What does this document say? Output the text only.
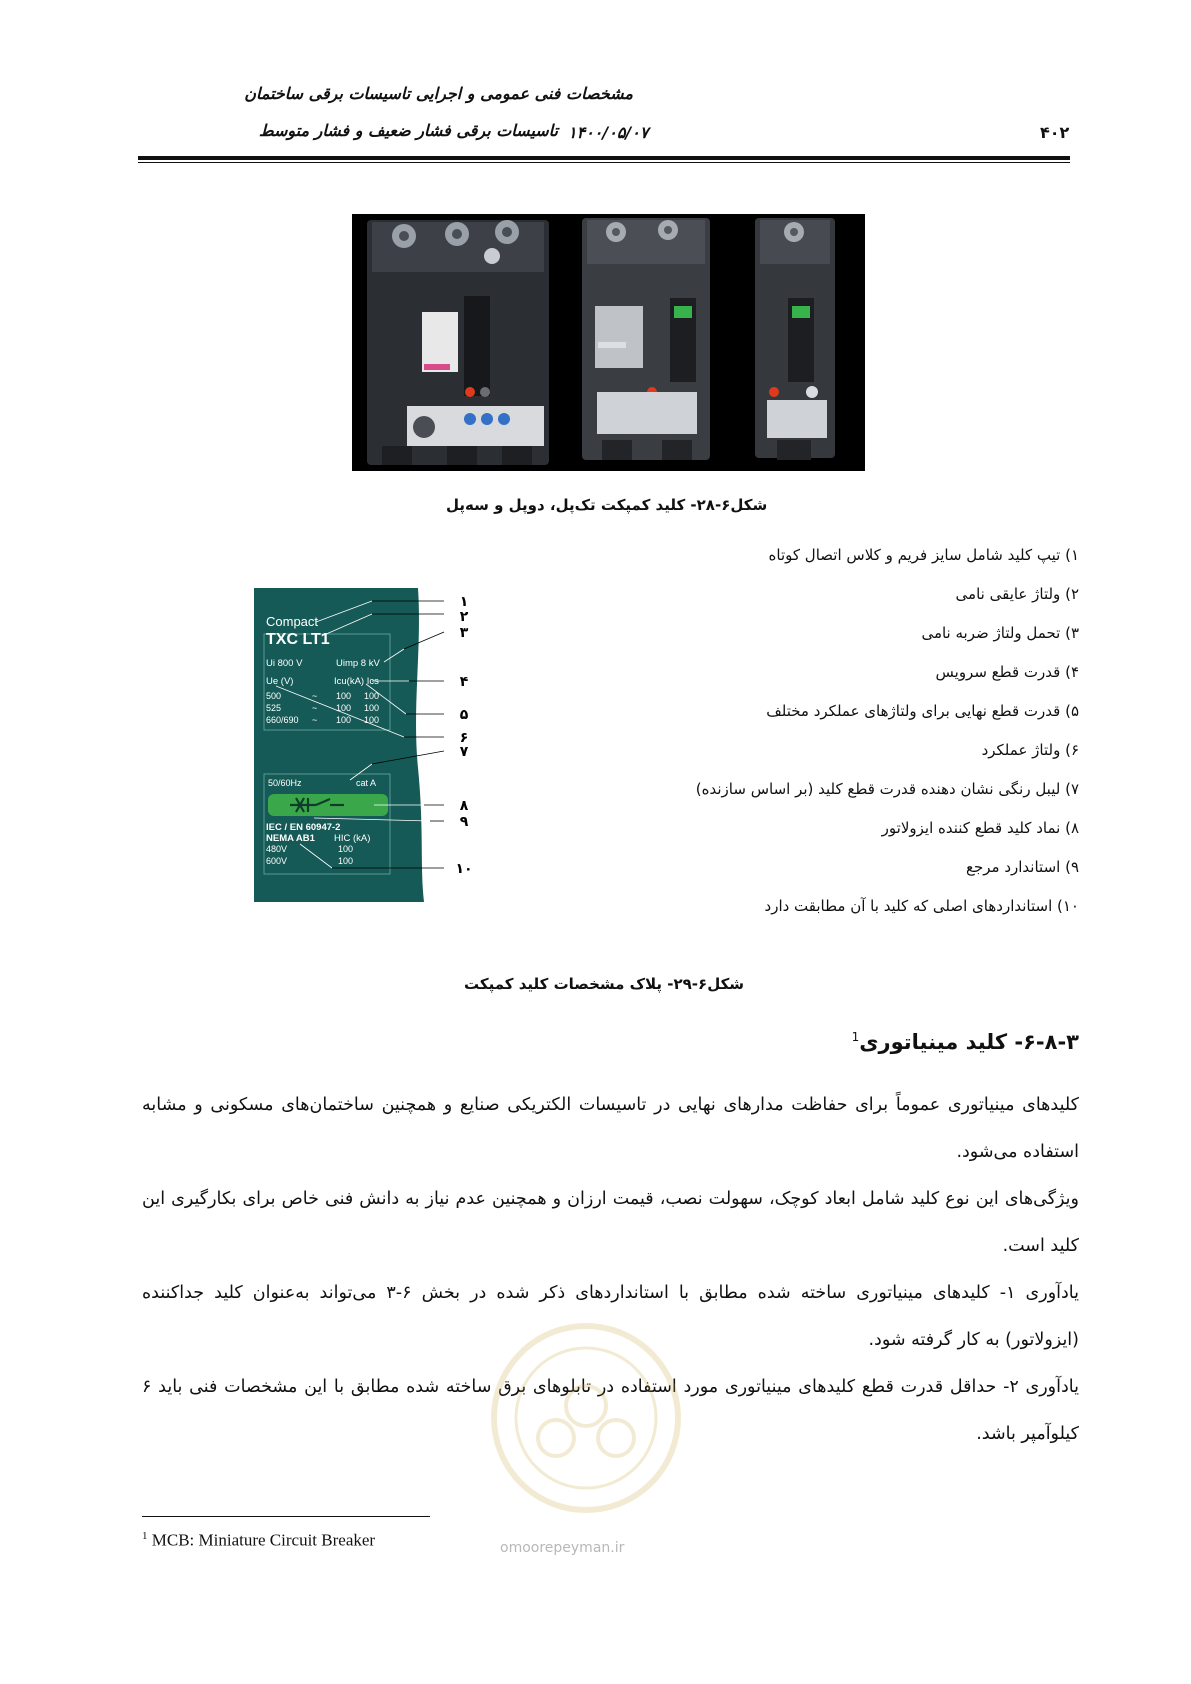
مشخصات فنی عمومی و اجرایی تاسیسات برقی ساختمان
تاسیسات برقی فشار ضعیف و فشار متوسط ۱۴۰۰/۰۵/۰۷	۴۰۲
شکل۶-۲۸- کلید کمپکت تک‌پل، دوپل و سه‌پل
Compact
TXC LT1
Ui 800 V	Uimp 8 kV
Ue (V)	Icu(kA) Ics
500	~ 100 100
525	~ 100 100
660/690 ~ 100 100
50/60Hz	cat A
IEC / EN 60947-2
NEMA AB1 HIC (kA)
480V	100
600V	100
۱
۲
۳
۴
۵
۶
۷
۸
۹
۱۰
۱) تیپ کلید شامل سایز فریم و کلاس اتصال کوتاه
۲) ولتاژ عایقی نامی
۳) تحمل ولتاژ ضربه نامی
۴) قدرت قطع سرویس
۵) قدرت قطع نهایی برای ولتاژهای عملکرد مختلف
۶) ولتاژ عملکرد
۷) لیبل رنگی نشان دهنده قدرت قطع کلید (بر اساس سازنده)
۸) نماد کلید قطع کننده ایزولاتور
۹) استاندارد مرجع
۱۰) استانداردهای اصلی که کلید با آن مطابقت دارد
شکل۶-۲۹- پلاک مشخصات کلید کمپکت
۶-۸-۳- کلید مینیاتوری$^1$

کلیدهای مینیاتوری عموماً برای حفاظت مدارهای نهایی در تاسیسات الکتریکی صنایع و همچنین ساختمان‌های مسکونی و مشابه استفاده می‌شود.

ویژگی‌های این نوع کلید شامل ابعاد کوچک، سهولت نصب، قیمت ارزان و همچنین عدم نیاز به دانش فنی خاص برای بکارگیری این کلید است.

یادآوری ۱- کلیدهای مینیاتوری ساخته شده مطابق با استانداردهای ذکر شده در بخش ۶-۳ می‌تواند به‌عنوان کلید جداکننده (ایزولاتور) به کار گرفته شود.

یادآوری ۲- حداقل قدرت قطع کلیدهای مینیاتوری مورد استفاده در تابلوهای برق ساخته شده مطابق با این مشخصات فنی باید ۶ کیلوآمپر باشد.

omoorepeyman.ir
$^1$ MCB: Miniature Circuit Breaker
